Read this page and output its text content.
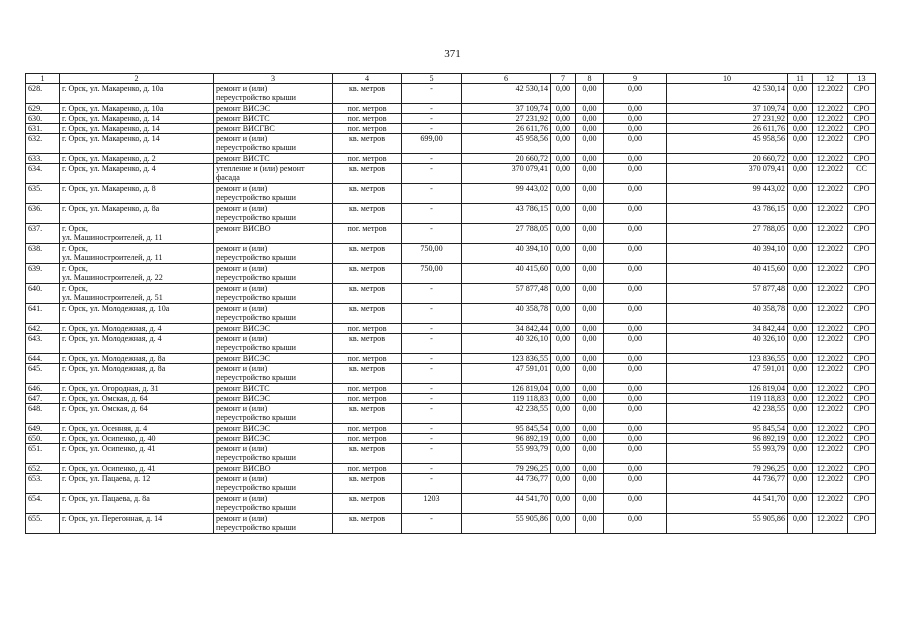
371
1	2	3	4	5	6	7	8	9	10	11	12	13
628.	г. Орск, ул. Макаренко, д. 10а	ремонт и (или)
переустройство крыши	кв. метров	-	42 530,14	0,00	0,00	0,00	42 530,14	0,00	12.2022	СРО
629.	г. Орск, ул. Макаренко, д. 10а	ремонт ВИСЭС	пог. метров	-	37 109,74	0,00	0,00	0,00	37 109,74	0,00	12.2022	СРО
630.	г. Орск, ул. Макаренко, д. 14	ремонт ВИСТС	пог. метров	-	27 231,92	0,00	0,00	0,00	27 231,92	0,00	12.2022	СРО
631.	г. Орск, ул. Макаренко, д. 14	ремонт ВИСГВС	пог. метров	-	26 611,76	0,00	0,00	0,00	26 611,76	0,00	12.2022	СРО
632.	г. Орск, ул. Макаренко, д. 14	ремонт и (или)
переустройство крыши	кв. метров	699,00	45 958,56	0,00	0,00	0,00	45 958,56	0,00	12.2022	СРО
633.	г. Орск, ул. Макаренко, д. 2	ремонт ВИСТС	пог. метров	-	20 660,72	0,00	0,00	0,00	20 660,72	0,00	12.2022	СРО
634.	г. Орск, ул. Макаренко, д. 4	утепление и (или) ремонт
фасада	кв. метров	-	370 079,41	0,00	0,00	0,00	370 079,41	0,00	12.2022	СС
635.	г. Орск, ул. Макаренко, д. 8	ремонт и (или)
переустройство крыши	кв. метров	-	99 443,02	0,00	0,00	0,00	99 443,02	0,00	12.2022	СРО
636.	г. Орск, ул. Макаренко, д. 8а	ремонт и (или)
переустройство крыши	кв. метров	-	43 786,15	0,00	0,00	0,00	43 786,15	0,00	12.2022	СРО
637.	г. Орск,
ул. Машиностроителей, д. 11	ремонт ВИСВО	пог. метров	-	27 788,05	0,00	0,00	0,00	27 788,05	0,00	12.2022	СРО
638.	г. Орск,
ул. Машиностроителей, д. 11	ремонт и (или)
переустройство крыши	кв. метров	750,00	40 394,10	0,00	0,00	0,00	40 394,10	0,00	12.2022	СРО
639.	г. Орск,
ул. Машиностроителей, д. 22	ремонт и (или)
переустройство крыши	кв. метров	750,00	40 415,60	0,00	0,00	0,00	40 415,60	0,00	12.2022	СРО
640.	г. Орск,
ул. Машиностроителей, д. 51	ремонт и (или)
переустройство крыши	кв. метров	-	57 877,48	0,00	0,00	0,00	57 877,48	0,00	12.2022	СРО
641.	г. Орск, ул. Молодежная, д. 10а	ремонт и (или)
переустройство крыши	кв. метров	-	40 358,78	0,00	0,00	0,00	40 358,78	0,00	12.2022	СРО
642.	г. Орск, ул. Молодежная, д. 4	ремонт ВИСЭС	пог. метров	-	34 842,44	0,00	0,00	0,00	34 842,44	0,00	12.2022	СРО
643.	г. Орск, ул. Молодежная, д. 4	ремонт и (или)
переустройство крыши	кв. метров	-	40 326,10	0,00	0,00	0,00	40 326,10	0,00	12.2022	СРО
644.	г. Орск, ул. Молодежная, д. 8а	ремонт ВИСЭС	пог. метров	-	123 836,55	0,00	0,00	0,00	123 836,55	0,00	12.2022	СРО
645.	г. Орск, ул. Молодежная, д. 8а	ремонт и (или)
переустройство крыши	кв. метров	-	47 591,01	0,00	0,00	0,00	47 591,01	0,00	12.2022	СРО
646.	г. Орск, ул. Огородная, д. 31	ремонт ВИСТС	пог. метров	-	126 819,04	0,00	0,00	0,00	126 819,04	0,00	12.2022	СРО
647.	г. Орск, ул. Омская, д. 64	ремонт ВИСЭС	пог. метров	-	119 118,83	0,00	0,00	0,00	119 118,83	0,00	12.2022	СРО
648.	г. Орск, ул. Омская, д. 64	ремонт и (или)
переустройство крыши	кв. метров	-	42 238,55	0,00	0,00	0,00	42 238,55	0,00	12.2022	СРО
649.	г. Орск, ул. Осенняя, д. 4	ремонт ВИСЭС	пог. метров	-	95 845,54	0,00	0,00	0,00	95 845,54	0,00	12.2022	СРО
650.	г. Орск, ул. Осипенко, д. 40	ремонт ВИСЭС	пог. метров	-	96 892,19	0,00	0,00	0,00	96 892,19	0,00	12.2022	СРО
651.	г. Орск, ул. Осипенко, д. 41	ремонт и (или)
переустройство крыши	кв. метров	-	55 993,79	0,00	0,00	0,00	55 993,79	0,00	12.2022	СРО
652.	г. Орск, ул. Осипенко, д. 41	ремонт ВИСВО	пог. метров	-	79 296,25	0,00	0,00	0,00	79 296,25	0,00	12.2022	СРО
653.	г. Орск, ул. Пацаева, д. 12	ремонт и (или)
переустройство крыши	кв. метров	-	44 736,77	0,00	0,00	0,00	44 736,77	0,00	12.2022	СРО
654.	г. Орск, ул. Пацаева, д. 8а	ремонт и (или)
переустройство крыши	кв. метров	1203	44 541,70	0,00	0,00	0,00	44 541,70	0,00	12.2022	СРО
655.	г. Орск, ул. Перегонная, д. 14	ремонт и (или)
переустройство крыши	кв. метров	-	55 905,86	0,00	0,00	0,00	55 905,86	0,00	12.2022	СРО
